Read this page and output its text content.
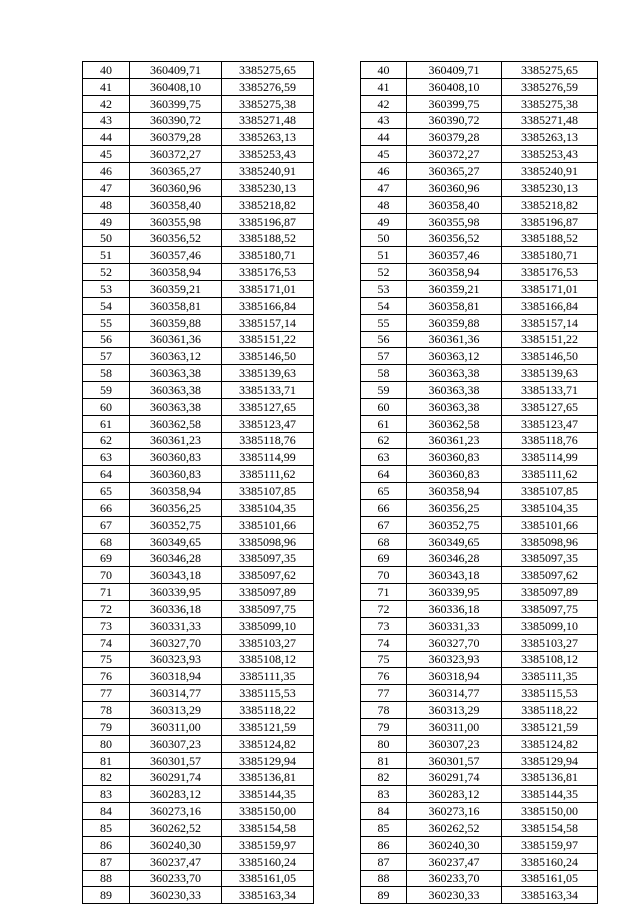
40	360409,71	3385275,65		40	360409,71	3385275,65
41	360408,10	3385276,59		41	360408,10	3385276,59
42	360399,75	3385275,38		42	360399,75	3385275,38
43	360390,72	3385271,48		43	360390,72	3385271,48
44	360379,28	3385263,13		44	360379,28	3385263,13
45	360372,27	3385253,43		45	360372,27	3385253,43
46	360365,27	3385240,91		46	360365,27	3385240,91
47	360360,96	3385230,13		47	360360,96	3385230,13
48	360358,40	3385218,82		48	360358,40	3385218,82
49	360355,98	3385196,87		49	360355,98	3385196,87
50	360356,52	3385188,52		50	360356,52	3385188,52
51	360357,46	3385180,71		51	360357,46	3385180,71
52	360358,94	3385176,53		52	360358,94	3385176,53
53	360359,21	3385171,01		53	360359,21	3385171,01
54	360358,81	3385166,84		54	360358,81	3385166,84
55	360359,88	3385157,14		55	360359,88	3385157,14
56	360361,36	3385151,22		56	360361,36	3385151,22
57	360363,12	3385146,50		57	360363,12	3385146,50
58	360363,38	3385139,63		58	360363,38	3385139,63
59	360363,38	3385133,71		59	360363,38	3385133,71
60	360363,38	3385127,65		60	360363,38	3385127,65
61	360362,58	3385123,47		61	360362,58	3385123,47
62	360361,23	3385118,76		62	360361,23	3385118,76
63	360360,83	3385114,99		63	360360,83	3385114,99
64	360360,83	3385111,62		64	360360,83	3385111,62
65	360358,94	3385107,85		65	360358,94	3385107,85
66	360356,25	3385104,35		66	360356,25	3385104,35
67	360352,75	3385101,66		67	360352,75	3385101,66
68	360349,65	3385098,96		68	360349,65	3385098,96
69	360346,28	3385097,35		69	360346,28	3385097,35
70	360343,18	3385097,62		70	360343,18	3385097,62
71	360339,95	3385097,89		71	360339,95	3385097,89
72	360336,18	3385097,75		72	360336,18	3385097,75
73	360331,33	3385099,10		73	360331,33	3385099,10
74	360327,70	3385103,27		74	360327,70	3385103,27
75	360323,93	3385108,12		75	360323,93	3385108,12
76	360318,94	3385111,35		76	360318,94	3385111,35
77	360314,77	3385115,53		77	360314,77	3385115,53
78	360313,29	3385118,22		78	360313,29	3385118,22
79	360311,00	3385121,59		79	360311,00	3385121,59
80	360307,23	3385124,82		80	360307,23	3385124,82
81	360301,57	3385129,94		81	360301,57	3385129,94
82	360291,74	3385136,81		82	360291,74	3385136,81
83	360283,12	3385144,35		83	360283,12	3385144,35
84	360273,16	3385150,00		84	360273,16	3385150,00
85	360262,52	3385154,58		85	360262,52	3385154,58
86	360240,30	3385159,97		86	360240,30	3385159,97
87	360237,47	3385160,24		87	360237,47	3385160,24
88	360233,70	3385161,05		88	360233,70	3385161,05
89	360230,33	3385163,34		89	360230,33	3385163,34
